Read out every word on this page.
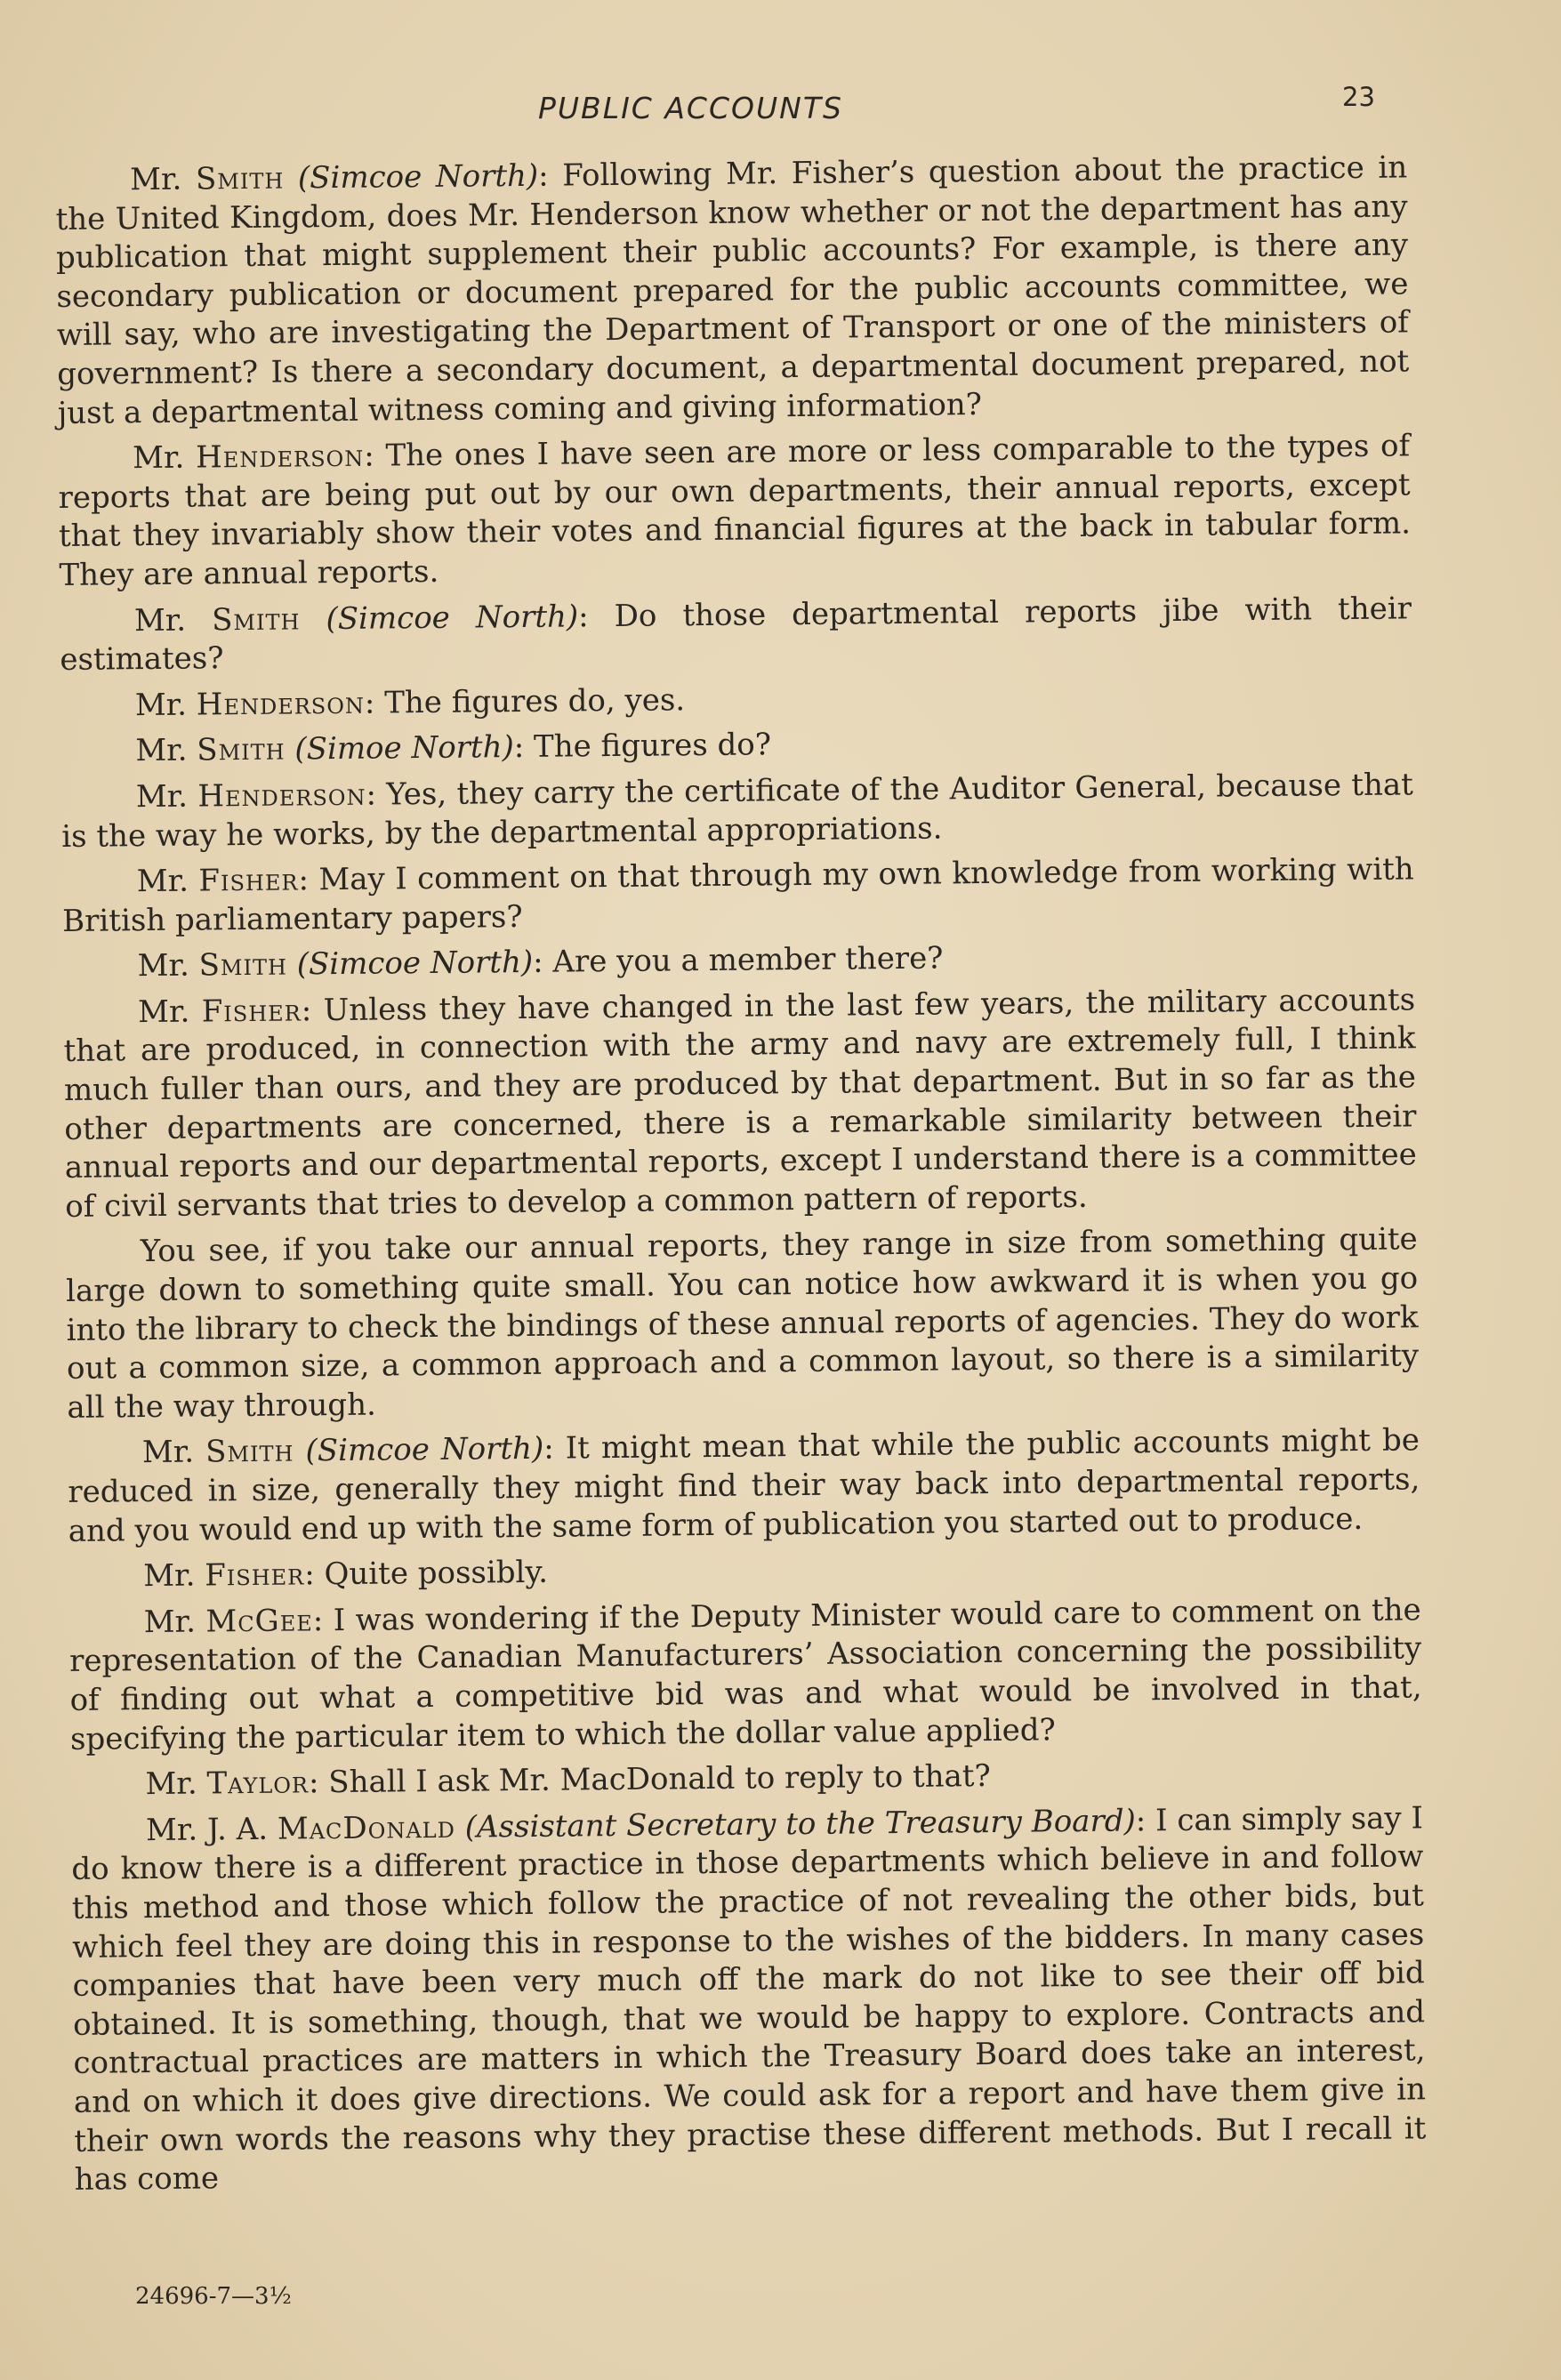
PUBLIC ACCOUNTS	23

Mr. Smith (Simcoe North): Following Mr. Fisher’s question about the practice in the United Kingdom, does Mr. Henderson know whether or not the department has any publication that might supplement their public accounts? For example, is there any secondary publication or document prepared for the public accounts committee, we will say, who are investigating the Department of Transport or one of the ministers of government? Is there a secondary document, a departmental document prepared, not just a departmental witness coming and giving information?

Mr. Henderson: The ones I have seen are more or less comparable to the types of reports that are being put out by our own departments, their annual reports, except that they invariably show their votes and financial figures at the back in tabular form. They are annual reports.

Mr. Smith (Simcoe North): Do those departmental reports jibe with their estimates?

Mr. Henderson: The figures do, yes.

Mr. Smith (Simoe North): The figures do?

Mr. Henderson: Yes, they carry the certificate of the Auditor General, because that is the way he works, by the departmental appropriations.

Mr. Fisher: May I comment on that through my own knowledge from working with British parliamentary papers?

Mr. Smith (Simcoe North): Are you a member there?

Mr. Fisher: Unless they have changed in the last few years, the military accounts that are produced, in connection with the army and navy are extremely full, I think much fuller than ours, and they are produced by that department. But in so far as the other departments are concerned, there is a remarkable similarity between their annual reports and our departmental reports, except I understand there is a committee of civil servants that tries to develop a common pattern of reports.

You see, if you take our annual reports, they range in size from something quite large down to something quite small. You can notice how awkward it is when you go into the library to check the bindings of these annual reports of agencies. They do work out a common size, a common approach and a common layout, so there is a similarity all the way through.

Mr. Smith (Simcoe North): It might mean that while the public accounts might be reduced in size, generally they might find their way back into departmental reports, and you would end up with the same form of publication you started out to produce.

Mr. Fisher: Quite possibly.

Mr. McGee: I was wondering if the Deputy Minister would care to comment on the representation of the Canadian Manufacturers’ Association concerning the possibility of finding out what a competitive bid was and what would be involved in that, specifying the particular item to which the dollar value applied?

Mr. Taylor: Shall I ask Mr. MacDonald to reply to that?

Mr. J. A. MacDonald (Assistant Secretary to the Treasury Board): I can simply say I do know there is a different practice in those departments which believe in and follow this method and those which follow the practice of not revealing the other bids, but which feel they are doing this in response to the wishes of the bidders. In many cases companies that have been very much off the mark do not like to see their off bid obtained. It is something, though, that we would be happy to explore. Contracts and contractual practices are matters in which the Treasury Board does take an interest, and on which it does give directions. We could ask for a report and have them give in their own words the reasons why they practise these different methods. But I recall it has come

24696-7—3½
